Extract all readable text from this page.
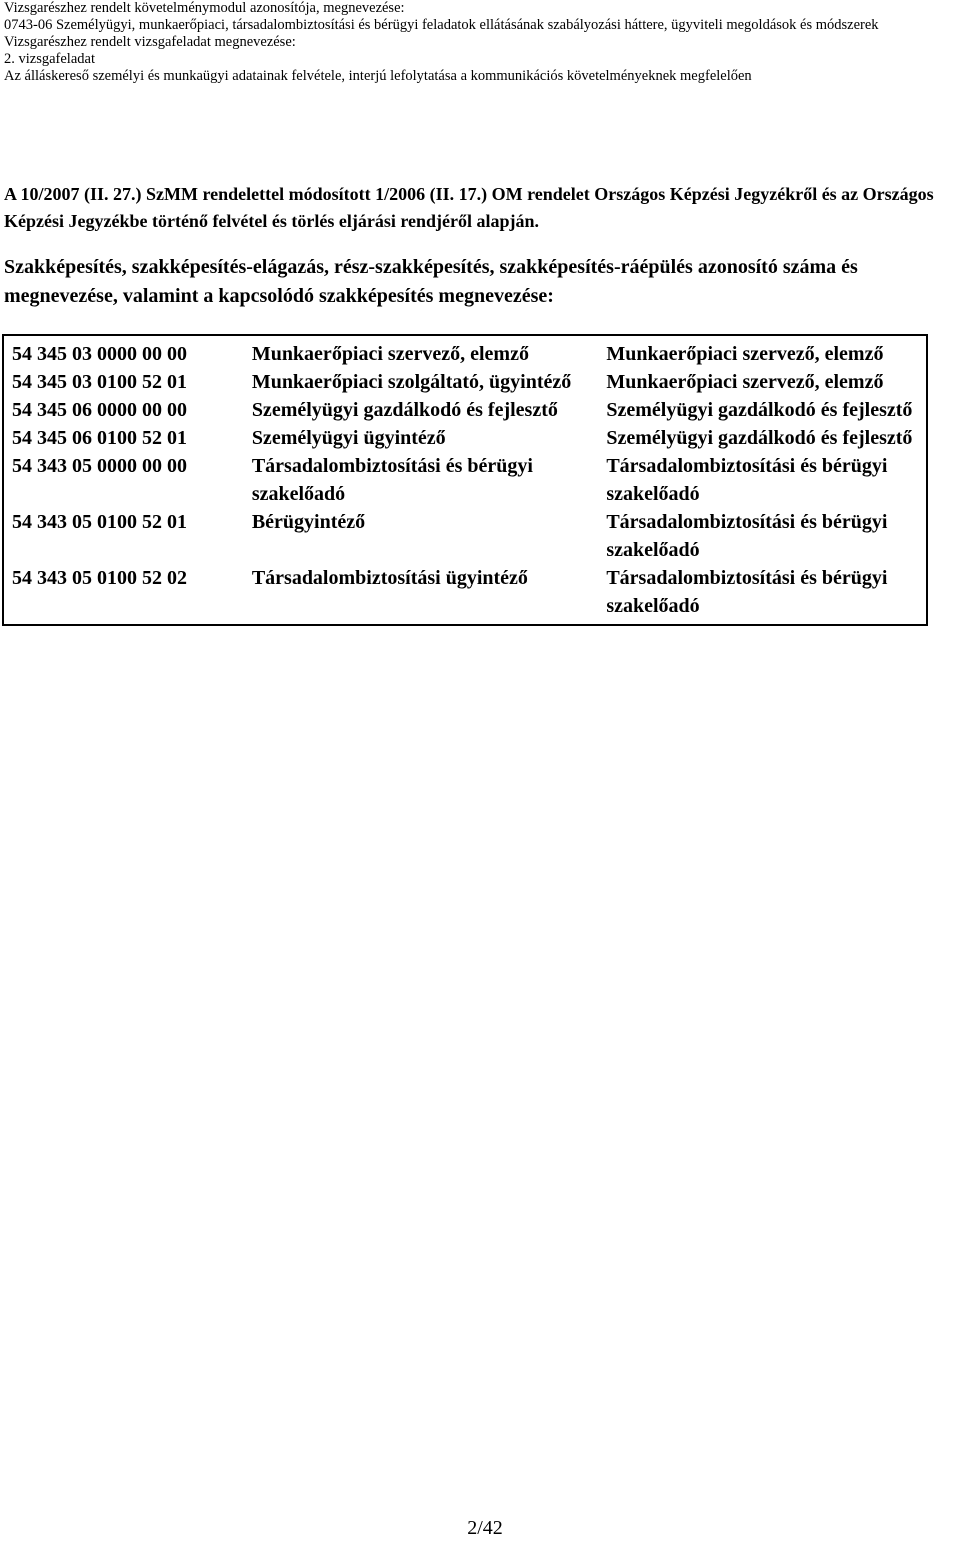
Vizsgarészhez rendelt követelménymodul azonosítója, megnevezése:
0743-06 Személyügyi, munkaerőpiaci, társadalombiztosítási és bérügyi feladatok ellátásának szabályozási háttere, ügyviteli megoldások és módszerek
Vizsgarészhez rendelt vizsgafeladat megnevezése:
2. vizsgafeladat
Az álláskereső személyi és munkaügyi adatainak felvétele, interjú lefolytatása a kommunikációs követelményeknek megfelelően
A 10/2007 (II. 27.) SzMM rendelettel módosított 1/2006 (II. 17.) OM rendelet Országos Képzési Jegyzékről és az Országos Képzési Jegyzékbe történő felvétel és törlés eljárási rendjéről alapján.
Szakképesítés, szakképesítés-elágazás, rész-szakképesítés, szakképesítés-ráépülés azonosító száma és megnevezése, valamint a kapcsolódó szakképesítés megnevezése:
54 345 03 0000 00 00	Munkaerőpiaci szervező, elemző	Munkaerőpiaci szervező, elemző
54 345 03 0100 52 01	Munkaerőpiaci szolgáltató, ügyintéző	Munkaerőpiaci szervező, elemző
54 345 06 0000 00 00	Személyügyi gazdálkodó és fejlesztő	Személyügyi gazdálkodó és fejlesztő
54 345 06 0100 52 01	Személyügyi ügyintéző	Személyügyi gazdálkodó és fejlesztő
54 343 05 0000 00 00	Társadalombiztosítási és bérügyi szakelőadó	Társadalombiztosítási és bérügyi szakelőadó
54 343 05 0100 52 01	Bérügyintéző	Társadalombiztosítási és bérügyi szakelőadó
54 343 05 0100 52 02	Társadalombiztosítási ügyintéző	Társadalombiztosítási és bérügyi szakelőadó
2/42
